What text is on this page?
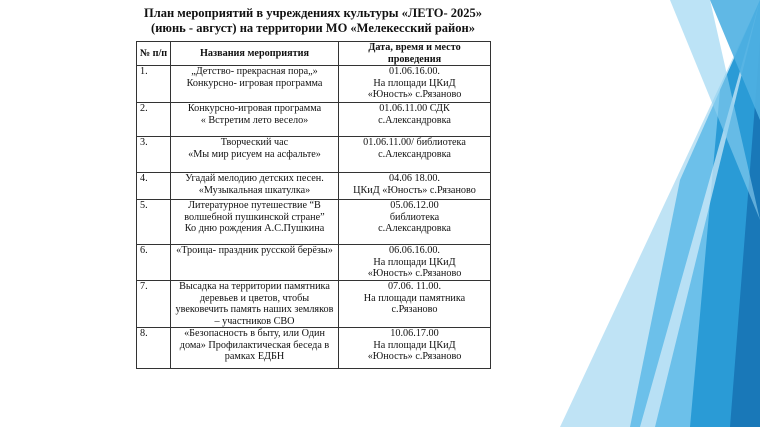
План мероприятий в учреждениях культуры «ЛЕТО- 2025»
(июнь - август) на территории МО «Мелекесский район»
№ п/п	Названия мероприятия	Дата, время и место проведения
1.	„Детство- прекрасная пора„»
Конкурсно- игровая программа	01.06.16.00.
На площади ЦКиД
«Юность» с.Рязаново

2.	Конкурсно-игровая программа
« Встретим лето весело»	01.06.11.00 СДК
с.Александровка

3.	Творческий час
«Мы мир рисуем на асфальте»	01.06.11.00/ библиотека
с.Александровка

4.	Угадай мелодию детских песен.
«Музыкальная шкатулка»	04.06 18.00.
ЦКиД «Юность» с.Рязаново

5.	Литературное путешествие “В
волшебной пушкинской стране”
Ко дню рождения А.С.Пушкина	05.06.12.00
библиотека
с.Александровка

6.	«Троица- праздник русской берёзы»	06.06.16.00.
На площади ЦКиД
«Юность» с.Рязаново

7.	Высадка на территории памятника
деревьев и цветов, чтобы
увековечить память наших земляков
– участников СВО	07.06. 11.00.
На площади памятника
с.Рязаново

8.	«Безопасность в быту, или Один
дома» Профилактическая беседа в
рамках ЕДБН	10.06.17.00
На площади ЦКиД
«Юность» с.Рязаново
